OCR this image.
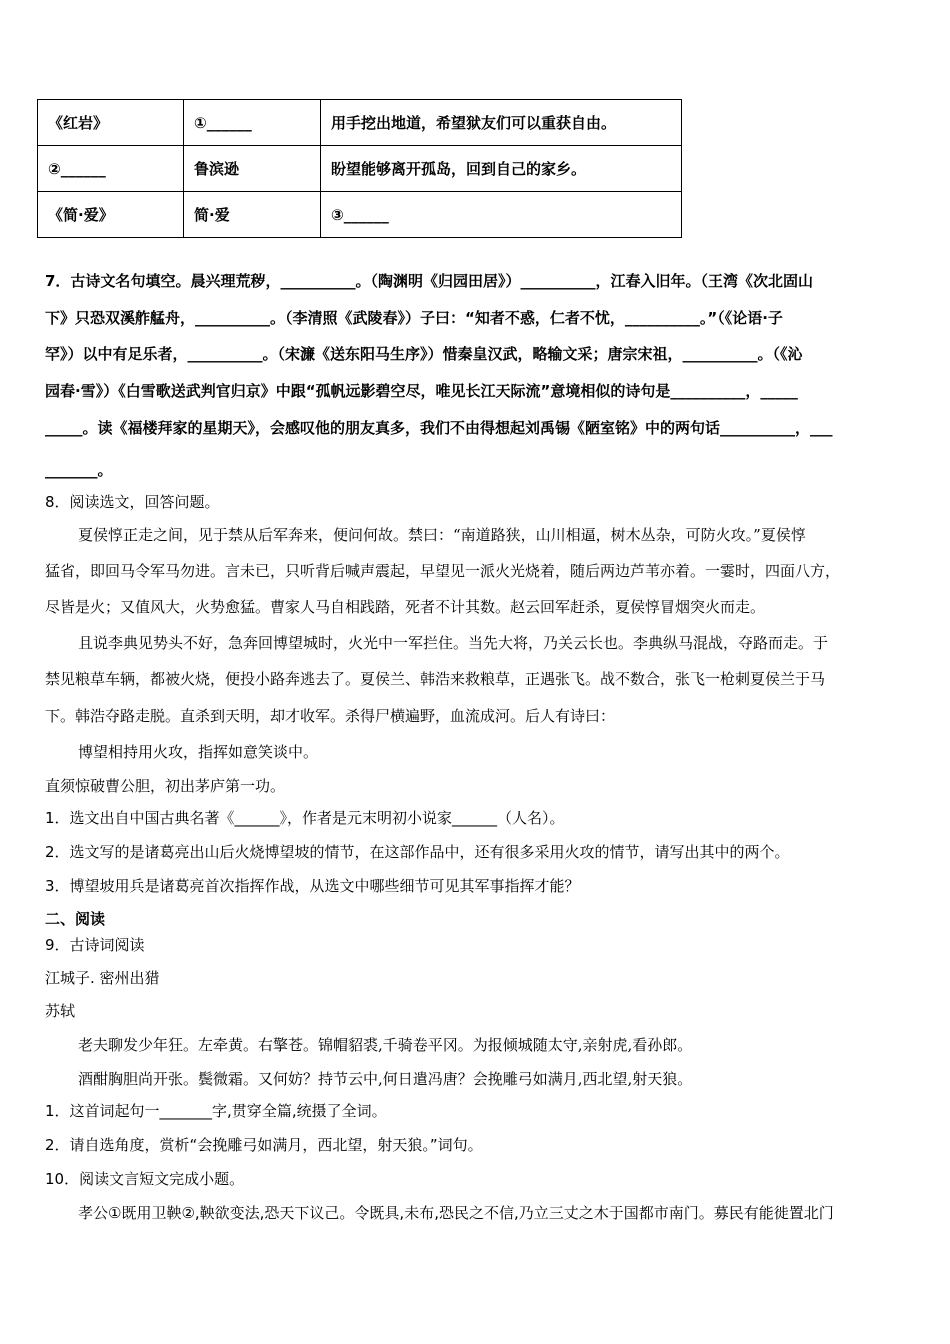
《红岩》	①______	用手挖出地道，希望狱友们可以重获自由。
②______	鲁滨逊	盼望能够离开孤岛，回到自己的家乡。
《简·爱》	简·爱	③______
7．古诗文名句填空。晨兴理荒秽，__________。（陶渊明《归园田居》）__________，江春入旧年。（王湾《次北固山
下》只恐双溪舴艋舟，__________。（李清照《武陵春》）子曰：“知者不惑，仁者不忧，__________。”（《论语·子
罕》）以中有足乐者，__________。（宋濂《送东阳马生序》）惜秦皇汉武，略输文采；唐宗宋祖，__________。（《沁
园春·雪》）《白雪歌送武判官归京》中跟“孤帆远影碧空尽，唯见长江天际流”意境相似的诗句是__________，_____
_____。读《福楼拜家的星期天》，会感叹他的朋友真多，我们不由得想起刘禹锡《陋室铭》中的两句话__________，___
_______。
8．阅读选文，回答问题。
夏侯惇正走之间，见于禁从后军奔来，便问何故。禁曰：“南道路狭，山川相逼，树木丛杂，可防火攻。”夏侯惇
猛省，即回马令军马勿进。言未已，只听背后喊声震起，早望见一派火光烧着，随后两边芦苇亦着。一霎时，四面八方，
尽皆是火；又值风大，火势愈猛。曹家人马自相践踏，死者不计其数。赵云回军赶杀，夏侯惇冒烟突火而走。
且说李典见势头不好，急奔回博望城时，火光中一军拦住。当先大将，乃关云长也。李典纵马混战，夺路而走。于
禁见粮草车辆，都被火烧，便投小路奔逃去了。夏侯兰、韩浩来救粮草，正遇张飞。战不数合，张飞一枪刺夏侯兰于马
下。韩浩夺路走脱。直杀到天明，却才收军。杀得尸横遍野，血流成河。后人有诗曰：
博望相持用火攻，指挥如意笑谈中。
直须惊破曹公胆，初出茅庐第一功。
1．选文出自中国古典名著《______》，作者是元末明初小说家______（人名）。
2．选文写的是诸葛亮出山后火烧博望坡的情节，在这部作品中，还有很多采用火攻的情节，请写出其中的两个。
3．博望坡用兵是诸葛亮首次指挥作战，从选文中哪些细节可见其军事指挥才能？
二、阅读
9．古诗词阅读
江城子. 密州出猎
苏轼
老夫聊发少年狂。左牵黄。右擎苍。锦帽貂裘,千骑卷平冈。为报倾城随太守,亲射虎,看孙郎。
酒酣胸胆尚开张。鬓微霜。又何妨？持节云中,何日遣冯唐？会挽雕弓如满月,西北望,射天狼。
1．这首词起句一_______字,贯穿全篇,统摄了全词。
2．请自选角度，赏析“会挽雕弓如满月，西北望，射天狼。”词句。
10．阅读文言短文完成小题。
孝公①既用卫鞅②,鞅欲变法,恐天下议己。令既具,未布,恐民之不信,乃立三丈之木于国都市南门。募民有能徙置北门
